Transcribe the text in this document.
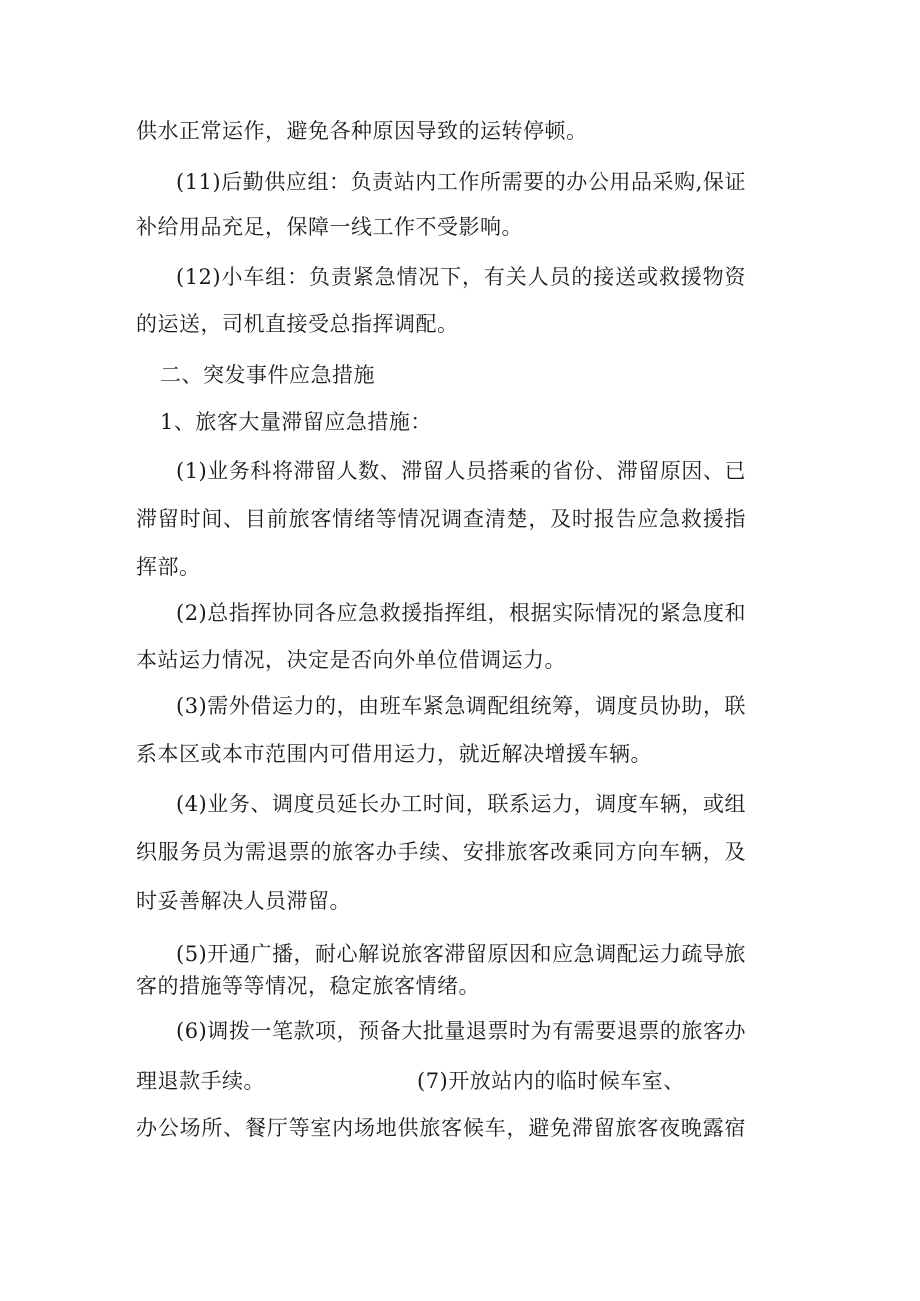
供水正常运作，避免各种原因导致的运转停顿。
(11)后勤供应组：负责站内工作所需要的办公用品采购,保证
补给用品充足，保障一线工作不受影响。
(12)小车组：负责紧急情况下，有关人员的接送或救援物资
的运送，司机直接受总指挥调配。
二、突发事件应急措施
1、旅客大量滞留应急措施：
(1)业务科将滞留人数、滞留人员搭乘的省份、滞留原因、已
滞留时间、目前旅客情绪等情况调查清楚，及时报告应急救援指
挥部。
(2)总指挥协同各应急救援指挥组，根据实际情况的紧急度和
本站运力情况，决定是否向外单位借调运力。
(3)需外借运力的，由班车紧急调配组统筹，调度员协助，联
系本区或本市范围内可借用运力，就近解决增援车辆。
(4)业务、调度员延长办工时间，联系运力，调度车辆，或组
织服务员为需退票的旅客办手续、安排旅客改乘同方向车辆，及
时妥善解决人员滞留。
(5)开通广播，耐心解说旅客滞留原因和应急调配运力疏导旅
客的措施等等情况，稳定旅客情绪。
(6)调拨一笔款项，预备大批量退票时为有需要退票的旅客办
理退款手续。	(7)开放站内的临时候车室、
办公场所、餐厅等室内场地供旅客候车，避免滞留旅客夜晚露宿
